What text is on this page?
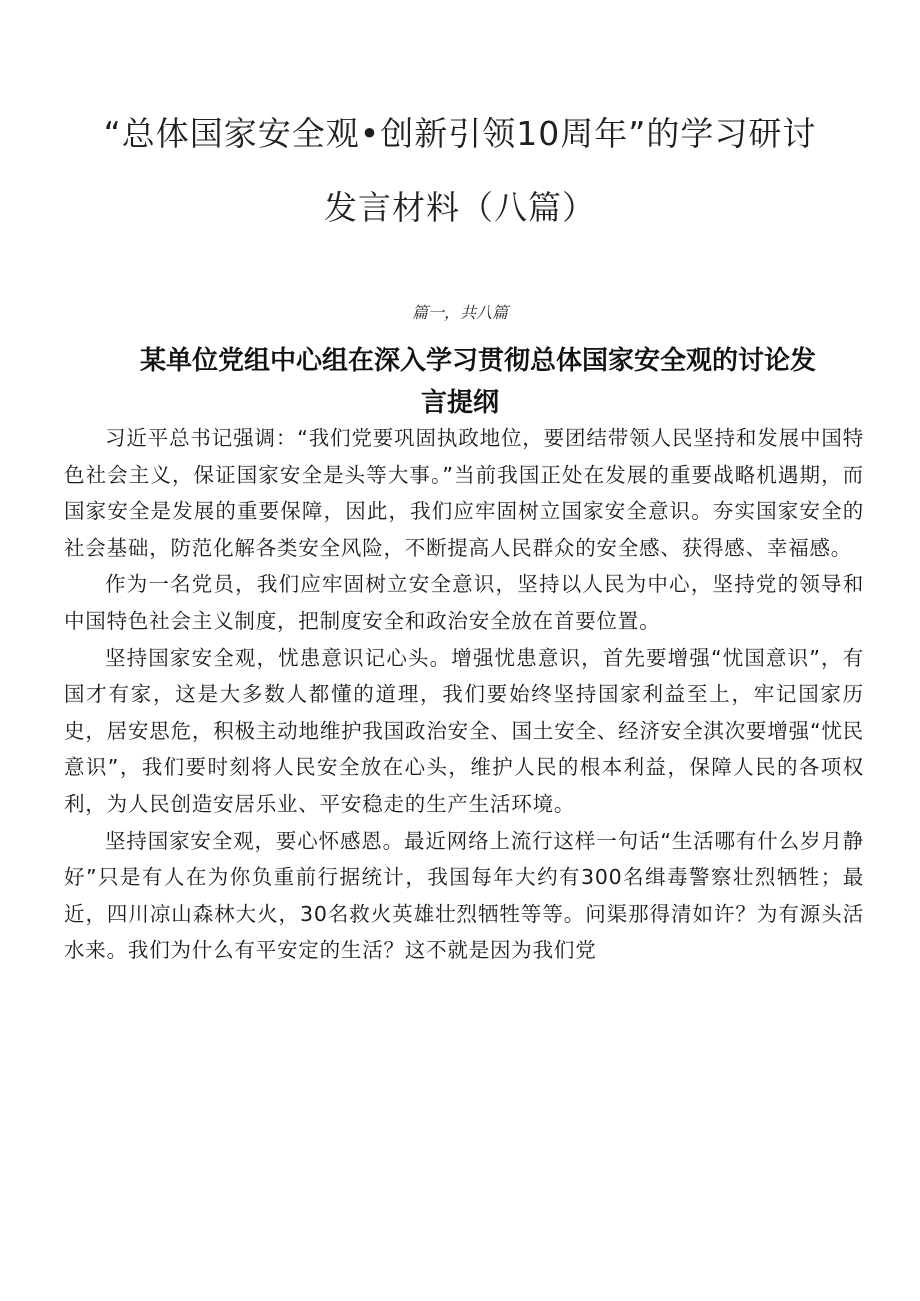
“总体国家安全观•创新引领10周年”的学习研讨
发言材料（八篇）
篇一，共八篇
某单位党组中心组在深入学习贯彻总体国家安全观的讨论发
言提纲

习近平总书记强调：“我们党要巩固执政地位，要团结带领人民坚持和发展中国特色社会主义，保证国家安全是头等大事。”当前我国正处在发展的重要战略机遇期，而国家安全是发展的重要保障，因此，我们应牢固树立国家安全意识。夯实国家安全的社会基础，防范化解各类安全风险，不断提高人民群众的安全感、获得感、幸福感。

作为一名党员，我们应牢固树立安全意识，坚持以人民为中心，坚持党的领导和中国特色社会主义制度，把制度安全和政治安全放在首要位置。

坚持国家安全观，忧患意识记心头。增强忧患意识，首先要增强“忧国意识”，有国才有家，这是大多数人都懂的道理，我们要始终坚持国家利益至上，牢记国家历史，居安思危，积极主动地维护我国政治安全、国土安全、经济安全淇次要增强“忧民意识”，我们要时刻将人民安全放在心头，维护人民的根本利益，保障人民的各项权利，为人民创造安居乐业、平安稳走的生产生活环境。

坚持国家安全观，要心怀感恩。最近网络上流行这样一句话“生活哪有什么岁月静好”只是有人在为你负重前行据统计，我国每年大约有300名缉毒警察壮烈牺牲；最近，四川凉山森林大火，30名救火英雄壮烈牺牲等等。问渠那得清如许？为有源头活水来。我们为什么有平安定的生活？这不就是因为我们党
